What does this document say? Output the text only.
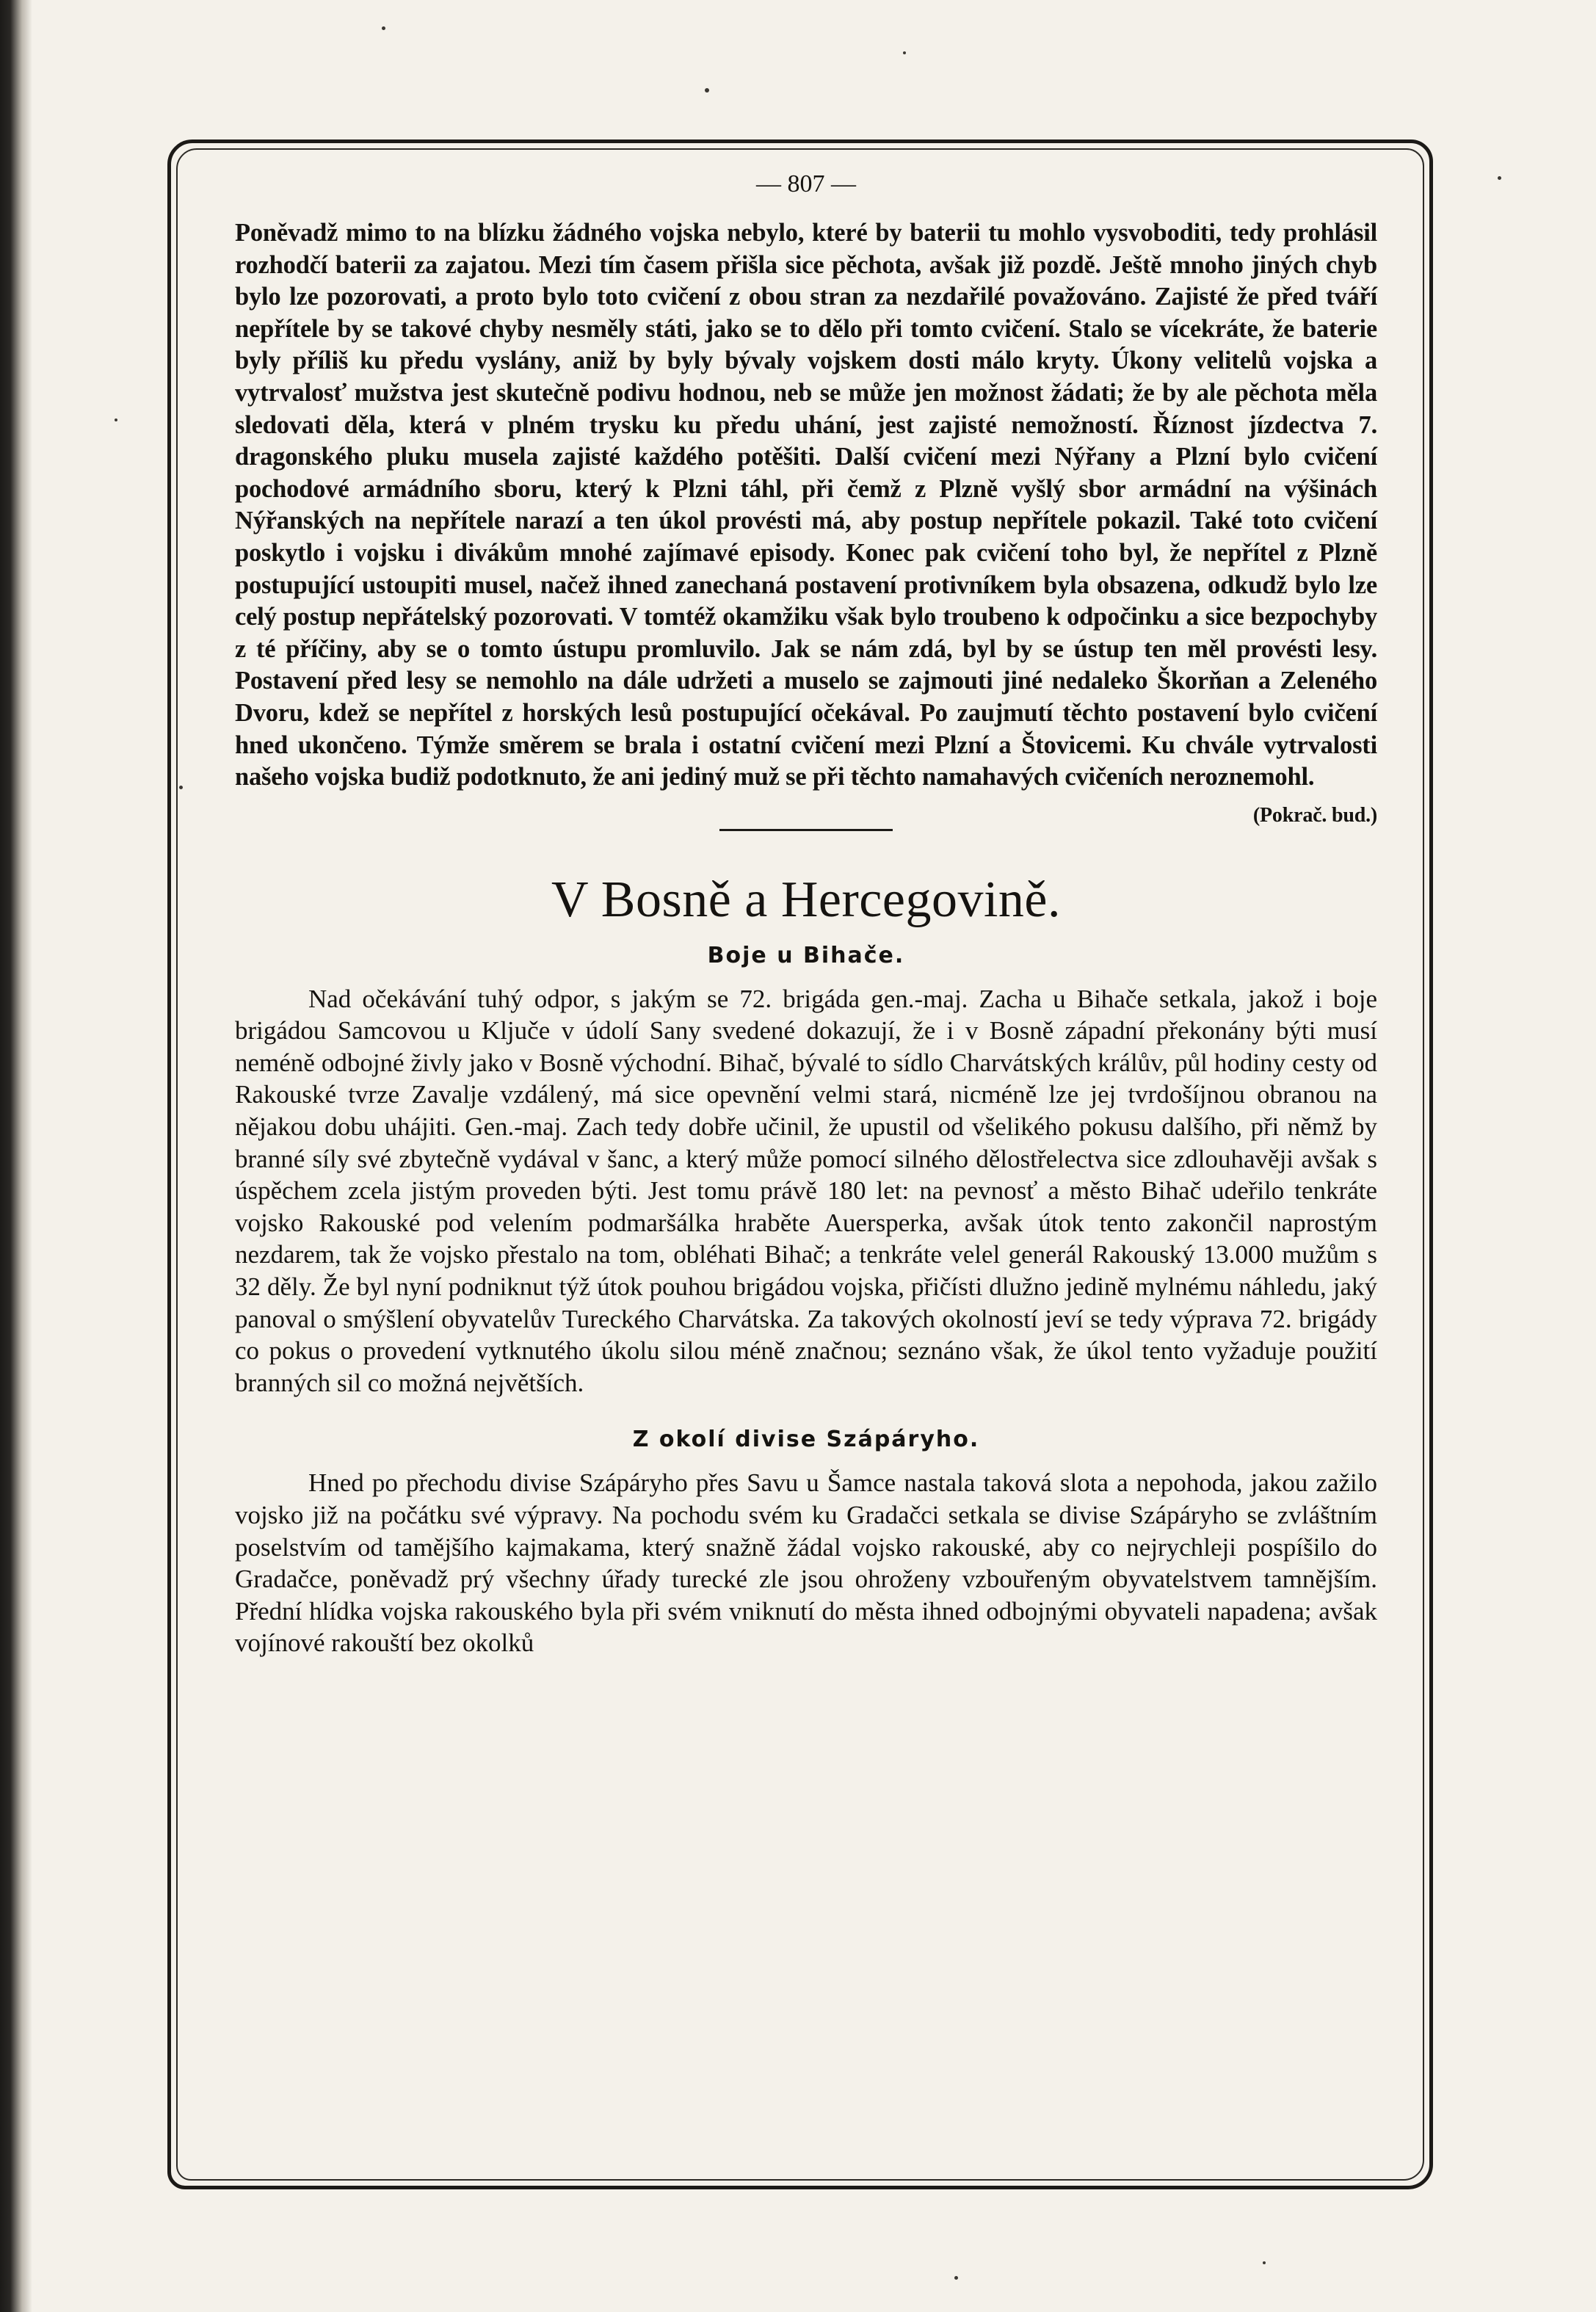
— 807 —

Poněvadž mimo to na blízku žádného vojska nebylo, které by baterii tu mohlo vysvoboditi, tedy prohlásil rozhodčí baterii za zajatou. Mezi tím časem přišla sice pěchota, avšak již pozdě. Ještě mnoho jiných chyb bylo lze pozorovati, a proto bylo toto cvičení z obou stran za nezdařilé považováno. Zajisté že před tváří nepřítele by se takové chyby nesměly státi, jako se to dělo při tomto cvičení. Stalo se vícekráte, že baterie byly příliš ku předu vyslány, aniž by byly bývaly vojskem dosti málo kryty. Úkony velitelů vojska a vytrvalosť mužstva jest skutečně podivu hodnou, neb se může jen možnost žádati; že by ale pěchota měla sledovati děla, která v plném trysku ku předu uhání, jest zajisté nemožností. Říznost jízdectva 7. dragonského pluku musela zajisté každého potěšiti. Další cvičení mezi Nýřany a Plzní bylo cvičení pochodové armádního sboru, který k Plzni táhl, při čemž z Plzně vyšlý sbor armádní na výšinách Nýřanských na nepřítele narazí a ten úkol provésti má, aby postup nepřítele pokazil. Také toto cvičení poskytlo i vojsku i divákům mnohé zajímavé episody. Konec pak cvičení toho byl, že nepřítel z Plzně postupující ustoupiti musel, načež ihned zanechaná postavení protivníkem byla obsazena, odkudž bylo lze celý postup nepřátelský pozorovati. V tomtéž okamžiku však bylo troubeno k odpočinku a sice bezpochyby z té příčiny, aby se o tomto ústupu promluvilo. Jak se nám zdá, byl by se ústup ten měl provésti lesy. Postavení před lesy se nemohlo na dále udržeti a muselo se zajmouti jiné nedaleko Škorňan a Zeleného Dvoru, kdež se nepřítel z horských lesů postupující očekával. Po zaujmutí těchto postavení bylo cvičení hned ukončeno. Týmže směrem se brala i ostatní cvičení mezi Plzní a Štovicemi. Ku chvále vytrvalosti našeho vojska budiž podotknuto, že ani jediný muž se při těchto namahavých cvičeních neroznemohl.
(Pokrač. bud.)

V Bosně a Hercegovině.
Boje u Bihače.

Nad očekávání tuhý odpor, s jakým se 72. brigáda gen.-maj. Zacha u Bihače setkala, jakož i boje brigádou Samcovou u Ključe v údolí Sany svedené dokazují, že i v Bosně západní překonány býti musí neméně odbojné živly jako v Bosně východní. Bihač, bývalé to sídlo Charvátských králův, půl hodiny cesty od Rakouské tvrze Zavalje vzdálený, má sice opevnění velmi stará, nicméně lze jej tvrdošíjnou obranou na nějakou dobu uhájiti. Gen.-maj. Zach tedy dobře učinil, že upustil od všelikého pokusu dalšího, při němž by branné síly své zbytečně vydával v šanc, a který může pomocí silného dělostřelectva sice zdlouhavěji avšak s úspěchem zcela jistým proveden býti. Jest tomu právě 180 let: na pevnosť a město Bihač udeřilo tenkráte vojsko Rakouské pod velením podmaršálka hraběte Auersperka, avšak útok tento zakončil naprostým nezdarem, tak že vojsko přestalo na tom, obléhati Bihač; a tenkráte velel generál Rakouský 13.000 mužům s 32 děly. Že byl nyní podniknut týž útok pouhou brigádou vojska, přičísti dlužno jedině mylnému náhledu, jaký panoval o smýšlení obyvatelův Tureckého Charvátska. Za takových okolností jeví se tedy výprava 72. brigády co pokus o provedení vytknutého úkolu silou méně značnou; seznáno však, že úkol tento vyžaduje použití branných sil co možná největších.

Z okolí divise Szápáryho.

Hned po přechodu divise Szápáryho přes Savu u Šamce nastala taková slota a nepohoda, jakou zažilo vojsko již na počátku své výpravy. Na pochodu svém ku Gradačci setkala se divise Szápáryho se zvláštním poselstvím od tamějšího kajmakama, který snažně žádal vojsko rakouské, aby co nejrychleji pospíšilo do Gradačce, poněvadž prý všechny úřady turecké zle jsou ohroženy vzbouřeným obyvatelstvem tamnějším. Přední hlídka vojska rakouského byla při svém vniknutí do města ihned odbojnými obyvateli napadena; avšak vojínové rakouští bez okolků
